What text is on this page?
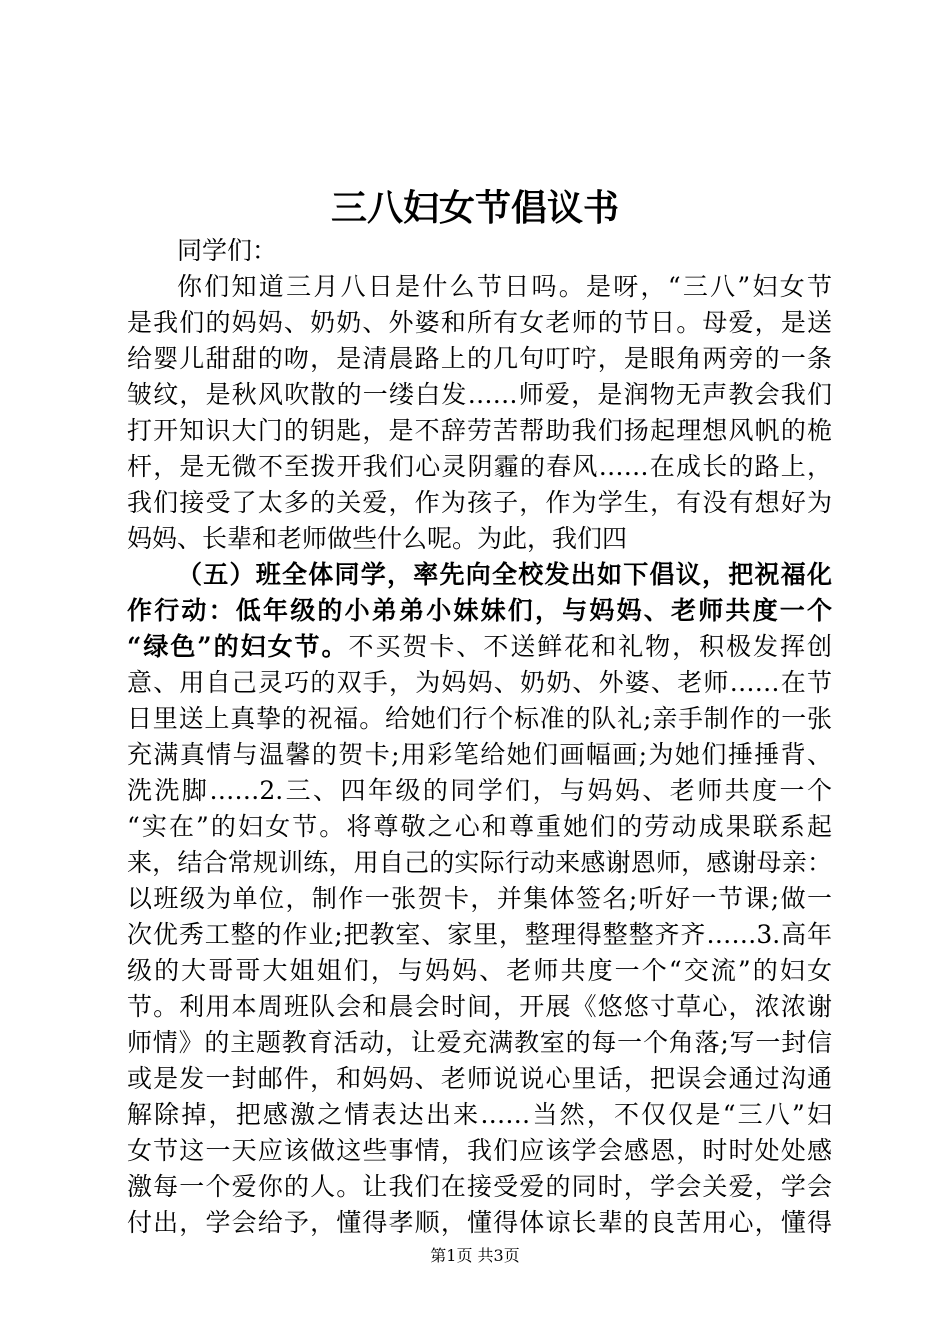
三八妇女节倡议书
同学们：
你们知道三月八日是什么节日吗。是呀，“三八”妇女节
是我们的妈妈、奶奶、外婆和所有女老师的节日。母爱，是送
给婴儿甜甜的吻，是清晨路上的几句叮咛，是眼角两旁的一条
皱纹，是秋风吹散的一缕白发……师爱，是润物无声教会我们
打开知识大门的钥匙，是不辞劳苦帮助我们扬起理想风帆的桅
杆，是无微不至拨开我们心灵阴霾的春风……在成长的路上，
我们接受了太多的关爱，作为孩子，作为学生，有没有想好为
妈妈、长辈和老师做些什么呢。为此，我们四
（五）班全体同学，率先向全校发出如下倡议，把祝福化
作行动：低年级的小弟弟小妹妹们，与妈妈、老师共度一个
“绿色”的妇女节。不买贺卡、不送鲜花和礼物，积极发挥创
意、用自己灵巧的双手，为妈妈、奶奶、外婆、老师……在节
日里送上真挚的祝福。给她们行个标准的队礼;亲手制作的一张
充满真情与温馨的贺卡;用彩笔给她们画幅画;为她们捶捶背、
洗洗脚……2.三、四年级的同学们，与妈妈、老师共度一个
“实在”的妇女节。将尊敬之心和尊重她们的劳动成果联系起
来，结合常规训练，用自己的实际行动来感谢恩师，感谢母亲：
以班级为单位，制作一张贺卡，并集体签名;听好一节课;做一
次优秀工整的作业;把教室、家里，整理得整整齐齐……3.高年
级的大哥哥大姐姐们，与妈妈、老师共度一个“交流”的妇女
节。利用本周班队会和晨会时间，开展《悠悠寸草心，浓浓谢
师情》的主题教育活动，让爱充满教室的每一个角落;写一封信
或是发一封邮件，和妈妈、老师说说心里话，把误会通过沟通
解除掉，把感激之情表达出来……当然，不仅仅是“三八”妇
女节这一天应该做这些事情，我们应该学会感恩，时时处处感
激每一个爱你的人。让我们在接受爱的同时，学会关爱，学会
付出，学会给予，懂得孝顺，懂得体谅长辈的良苦用心，懂得
第1页 共3页
